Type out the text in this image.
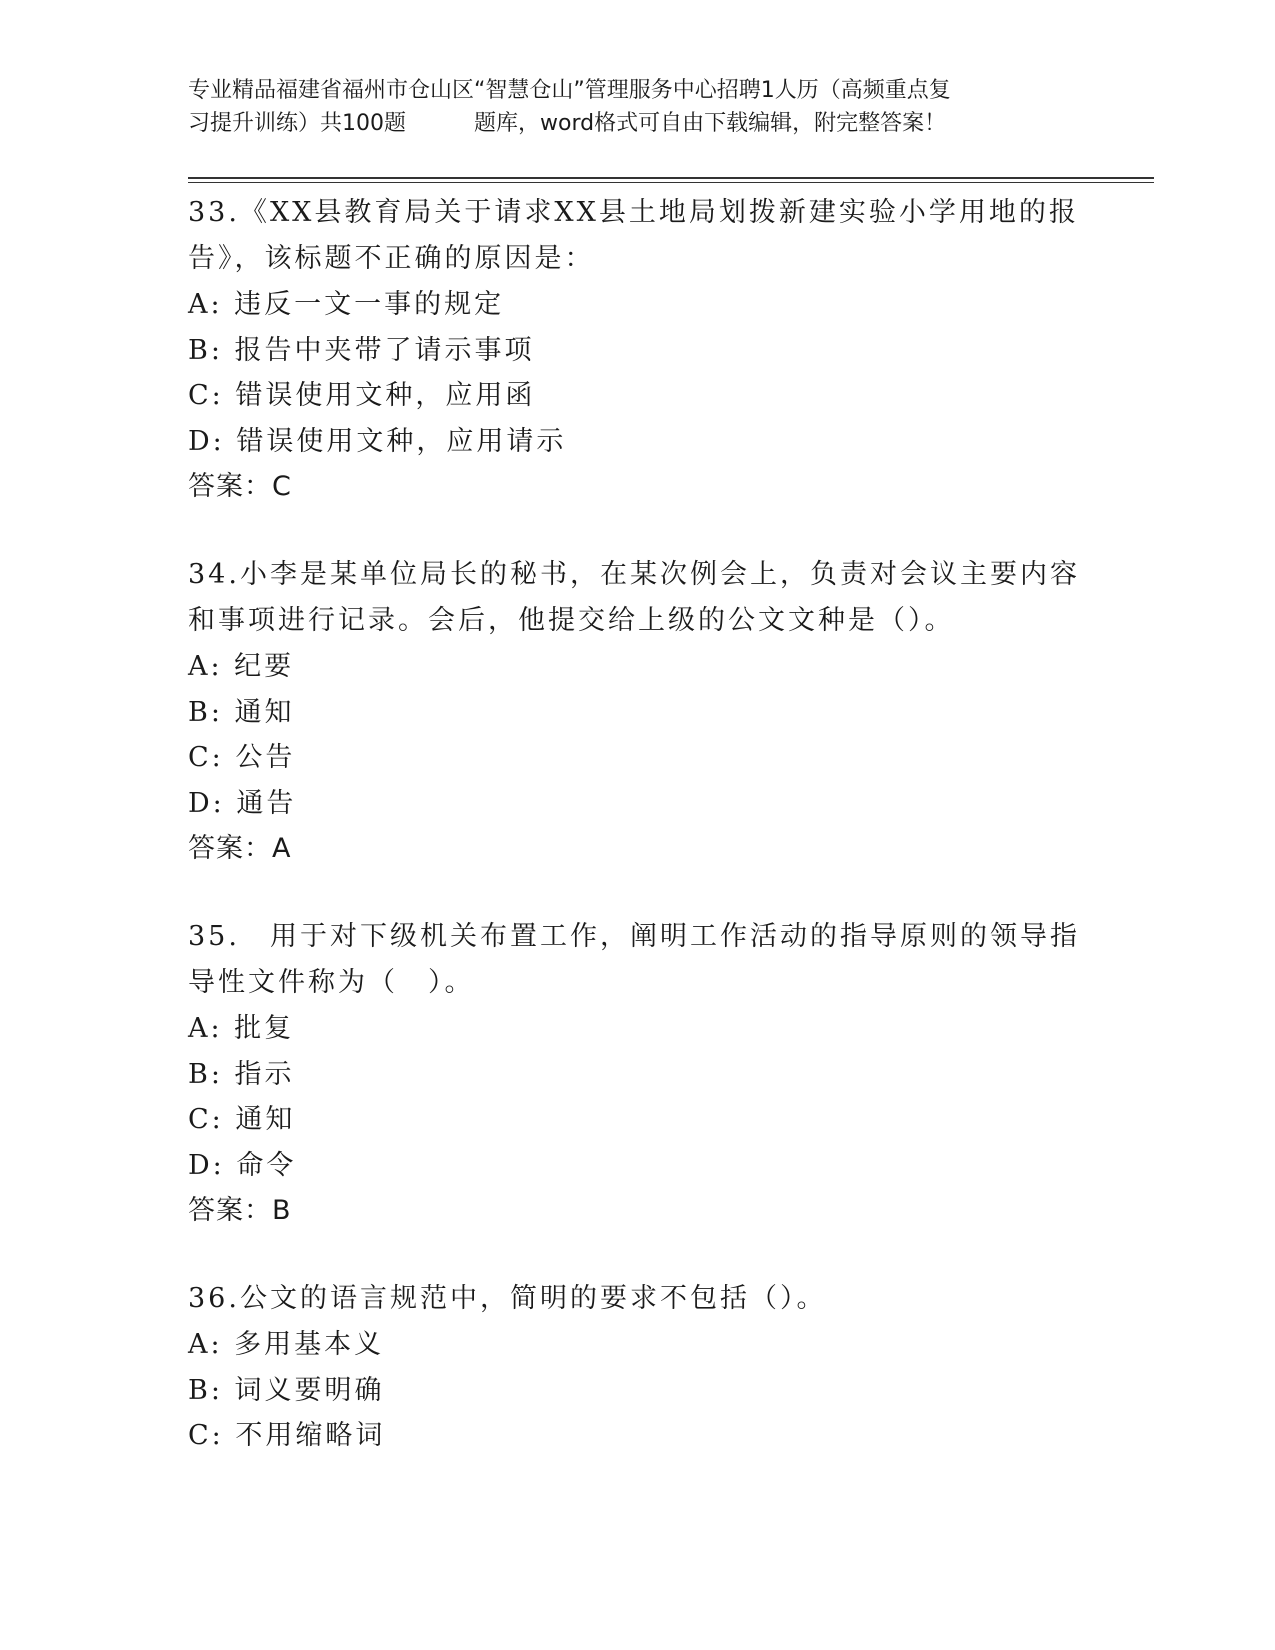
专业精品福建省福州市仓山区“智慧仓山”管理服务中心招聘1人历（高频重点复
习提升训练）共100题	题库，word格式可自由下载编辑，附完整答案！

33.《XX县教育局关于请求XX县土地局划拨新建实验小学用地的报告》，该标题不正确的原因是：

A: 违反一文一事的规定

B: 报告中夹带了请示事项

C: 错误使用文种，应用函

D: 错误使用文种，应用请示

答案：C

34.小李是某单位局长的秘书，在某次例会上，负责对会议主要内容和事项进行记录。会后，他提交给上级的公文文种是（）。

A: 纪要

B: 通知

C: 公告

D: 通告

答案：A

35.　用于对下级机关布置工作，阐明工作活动的指导原则的领导指导性文件称为（　）。

A: 批复

B: 指示

C: 通知

D: 命令

答案：B

36.公文的语言规范中，简明的要求不包括（）。

A: 多用基本义

B: 词义要明确

C: 不用缩略词
